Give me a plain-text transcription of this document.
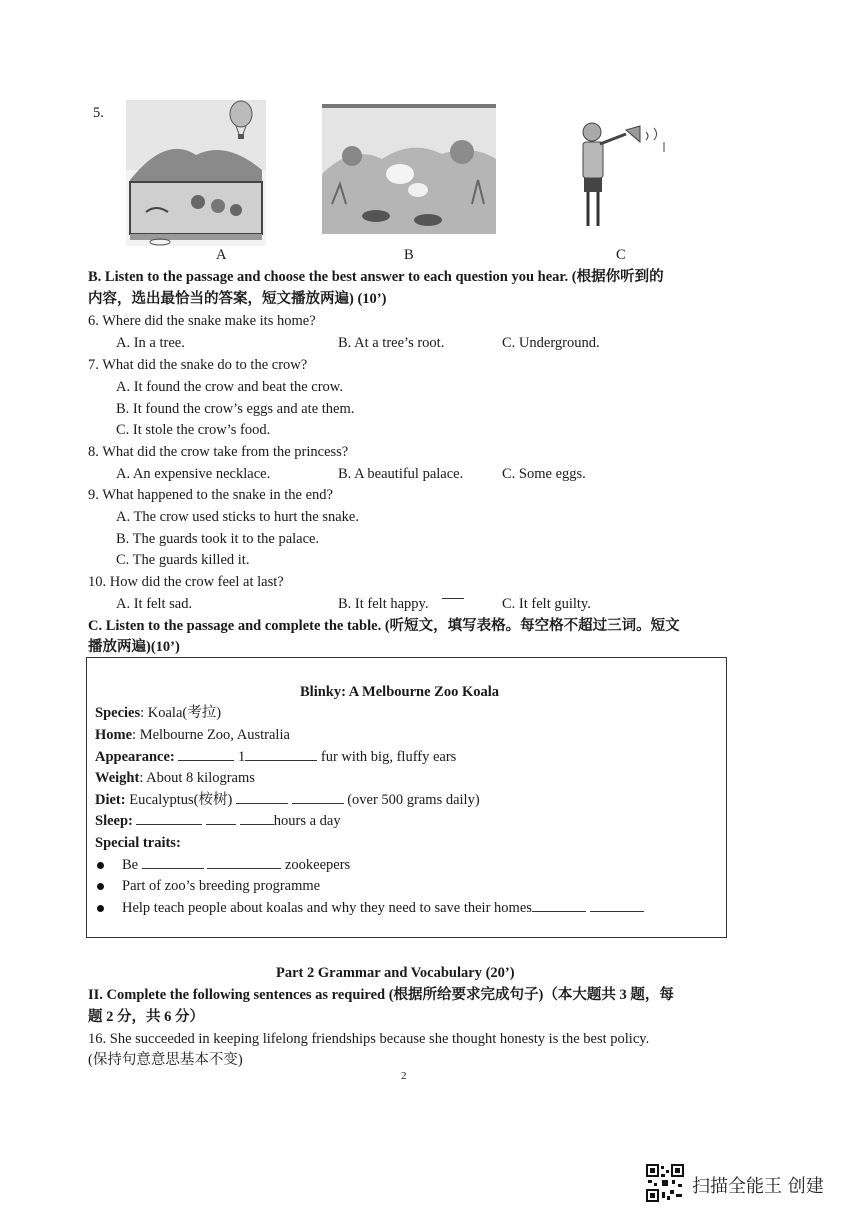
5.
A	B	C
B. Listen to the passage and choose the best answer to each question you hear. (根据你听到的
内容，选出最恰当的答案，短文播放两遍) (10’)
6. Where did the snake make its home?
A. In a tree.	B. At a tree’s root.	C. Underground.
7. What did the snake do to the crow?
A. It found the crow and beat the crow.
B. It found the crow’s eggs and ate them.
C. It stole the crow’s food.
8. What did the crow take from the princess?
A. An expensive necklace.	B. A beautiful palace.	C. Some eggs.
9. What happened to the snake in the end?
A. The crow used sticks to hurt the snake.
B. The guards took it to the palace.
C. The guards killed it.
10. How did the crow feel at last?
A. It felt sad.	B. It felt happy.	C. It felt guilty.
C. Listen to the passage and complete the table. (听短文，填写表格。每空格不超过三词。短文
播放两遍)(10’)
Blinky: A Melbourne Zoo Koala
Species: Koala(考拉)
Home: Melbourne Zoo, Australia
Appearance:	1	fur with big, fluffy ears
Weight: About 8 kilograms
Diet: Eucalyptus(桉树)	(over 500 grams daily)
Sleep:	hours a day
Special traits:
Be	zookeepers
Part of zoo’s breeding programme
Help teach people about koalas and why they need to save their homes
Part 2 Grammar and Vocabulary (20’)
II. Complete the following sentences as required (根据所给要求完成句子)（本大题共 3 题，每
题 2 分，共 6 分）
16. She succeeded in keeping lifelong friendships because she thought honesty is the best policy.
(保持句意意思基本不变)
2
扫描全能王 创建
